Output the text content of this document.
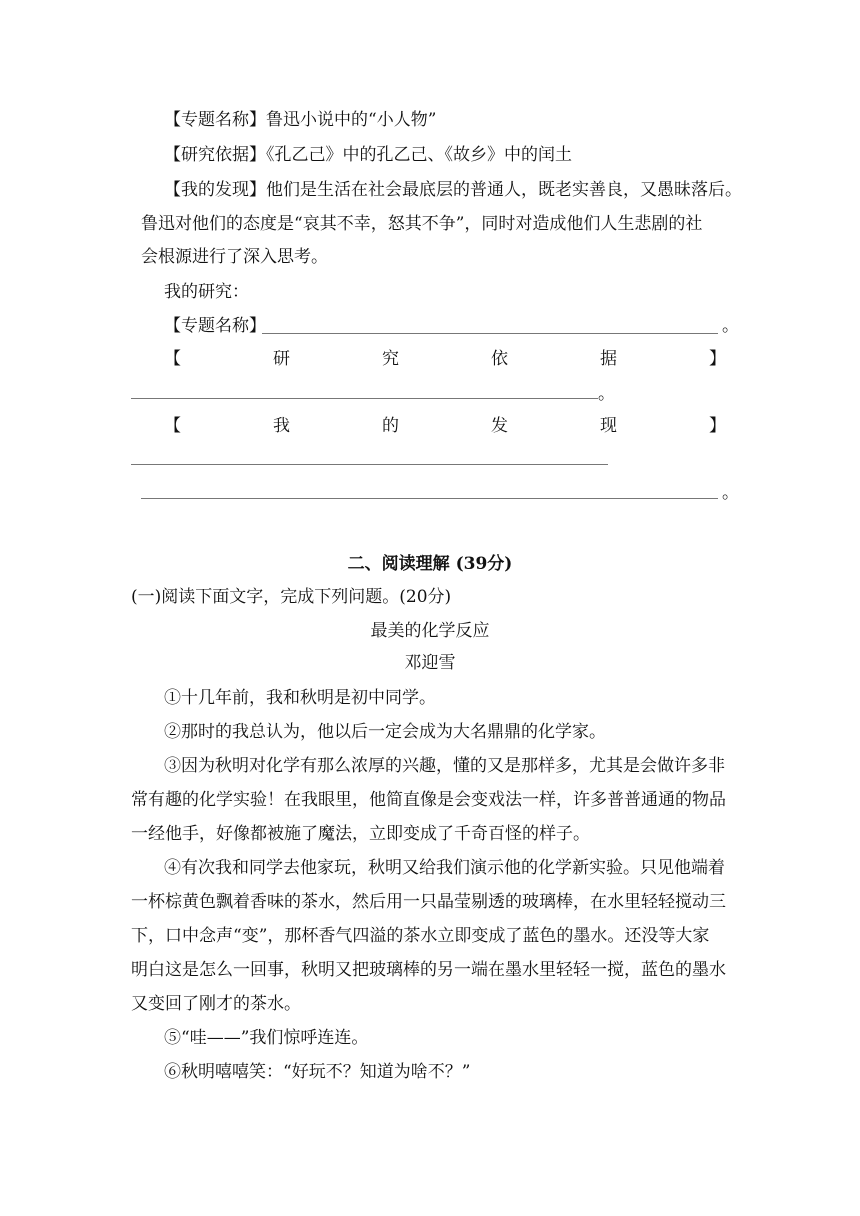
【专题名称】鲁迅小说中的“小人物”
【研究依据】《孔乙己》中的孔乙己、《故乡》中的闰土
【我的发现】他们是生活在社会最底层的普通人，既老实善良，又愚昧落后。
鲁迅对他们的态度是“哀其不幸，怒其不争”，同时对造成他们人生悲剧的社
会根源进行了深入思考。
我的研究：
【专题名称】	。
【	研	究	依	据	】
。
【	我	的	发	现	】
。
二、阅读理解 (39分)
(一)阅读下面文字，完成下列问题。(20分)
最美的化学反应
邓迎雪
①十几年前，我和秋明是初中同学。
②那时的我总认为，他以后一定会成为大名鼎鼎的化学家。
③因为秋明对化学有那么浓厚的兴趣，懂的又是那样多，尤其是会做许多非
常有趣的化学实验！在我眼里，他简直像是会变戏法一样，许多普普通通的物品
一经他手，好像都被施了魔法，立即变成了千奇百怪的样子。
④有次我和同学去他家玩，秋明又给我们演示他的化学新实验。只见他端着
一杯棕黄色飘着香味的茶水，然后用一只晶莹剔透的玻璃棒，在水里轻轻搅动三
下，口中念声“变”，那杯香气四溢的茶水立即变成了蓝色的墨水。还没等大家
明白这是怎么一回事，秋明又把玻璃棒的另一端在墨水里轻轻一搅，蓝色的墨水
又变回了刚才的茶水。
⑤“哇——”我们惊呼连连。
⑥秋明嘻嘻笑：“好玩不？知道为啥不？”
